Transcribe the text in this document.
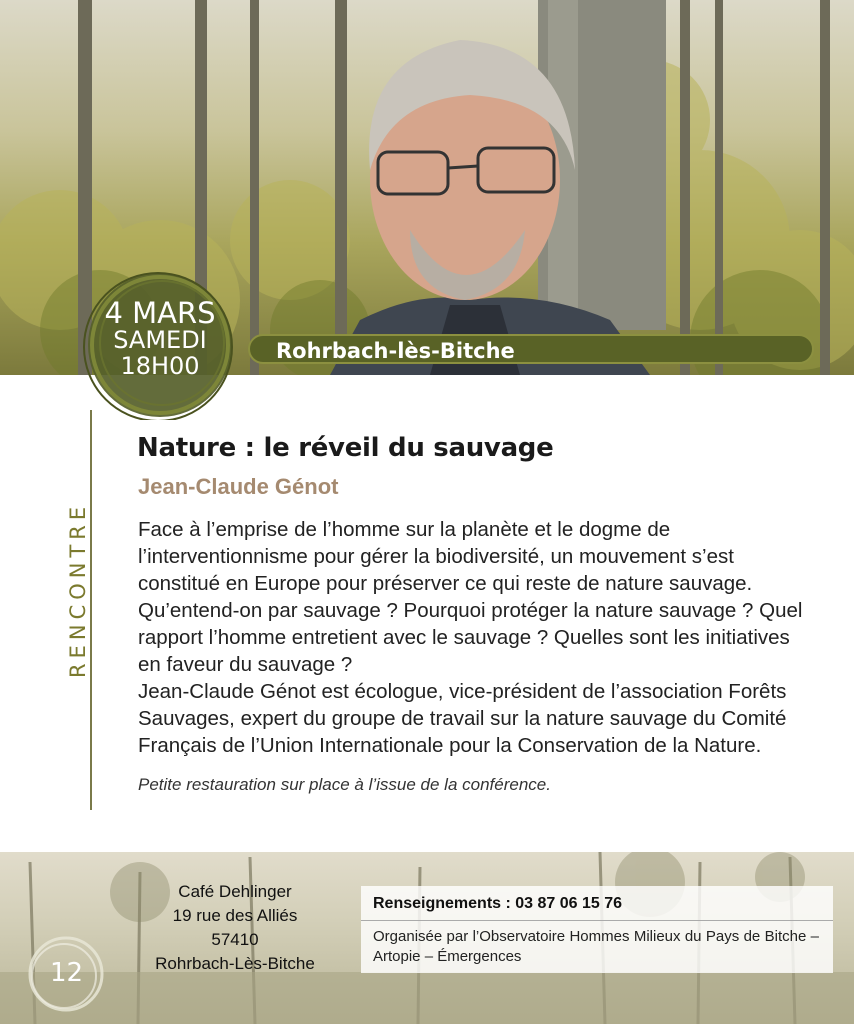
4 MARS
SAMEDI
18H00
Rohrbach-lès-Bitche
RENCONTRE
Nature : le réveil du sauvage
Jean-Claude Génot
Face à l’emprise de l’homme sur la planète et le dogme de l’interventionnisme pour gérer la biodiversité, un mouvement s’est constitué en Europe pour préserver ce qui reste de nature sauvage. Qu’entend-on par sauvage ? Pourquoi protéger la nature sauvage ? Quel rapport l’homme entretient avec le sauvage ? Quelles sont les initiatives en faveur du sauvage ?
Jean-Claude Génot est écologue, vice-président de l’association Forêts Sauvages, expert du groupe de travail sur la nature sauvage du Comité Français de l’Union Internationale pour la Conservation de la Nature.
Petite restauration sur place à l’issue de la conférence.
Café Dehlinger
19 rue des Alliés
57410
Rohrbach-Lès-Bitche
12
Renseignements : 03 87 06 15 76
Organisée par l’Observatoire Hommes Milieux du Pays de Bitche – Artopie – Émergences
